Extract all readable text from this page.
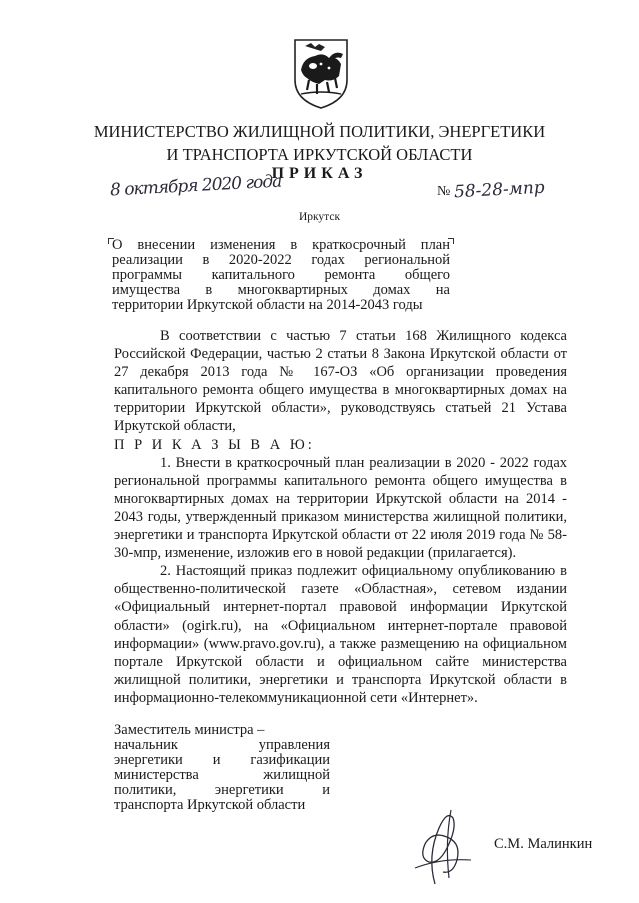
МИНИСТЕРСТВО ЖИЛИЩНОЙ ПОЛИТИКИ, ЭНЕРГЕТИКИ
И ТРАНСПОРТА ИРКУТСКОЙ ОБЛАСТИ
ПРИКАЗ
8 октября 2020 года	№ 58-28-мпр
Иркутск
О внесении изменения в краткосрочный план
реализации в 2020-2022 годах региональной
программы капитального ремонта общего
имущества в многоквартирных домах на
территории Иркутской области на 2014-2043 годы

В соответствии с частью 7 статьи 168 Жилищного кодекса Российской Федерации, частью 2 статьи 8 Закона Иркутской области от 27 декабря 2013 года № 167-ОЗ «Об организации проведения капитального ремонта общего имущества в многоквартирных домах на территории Иркутской области», руководствуясь статьей 21 Устава Иркутской области,

П Р И К А З Ы В А Ю:

1. Внести в краткосрочный план реализации в 2020 - 2022 годах региональной программы капитального ремонта общего имущества в многоквартирных домах на территории Иркутской области на 2014 - 2043 годы, утвержденный приказом министерства жилищной политики, энергетики и транспорта Иркутской области от 22 июля 2019 года № 58-30-мпр, изменение, изложив его в новой редакции (прилагается).

2. Настоящий приказ подлежит официальному опубликованию в общественно-политической газете «Областная», сетевом издании «Официальный интернет-портал правовой информации Иркутской области» (ogirk.ru), на «Официальном интернет-портале правовой информации» (www.pravo.gov.ru), а также размещению на официальном портале Иркутской области и официальном сайте министерства жилищной политики, энергетики и транспорта Иркутской области в информационно-телекоммуникационной сети «Интернет».

Заместитель министра –
начальник управления
энергетики и газификации
министерства жилищной
политики, энергетики и
транспорта Иркутской области
С.М. Малинкин
